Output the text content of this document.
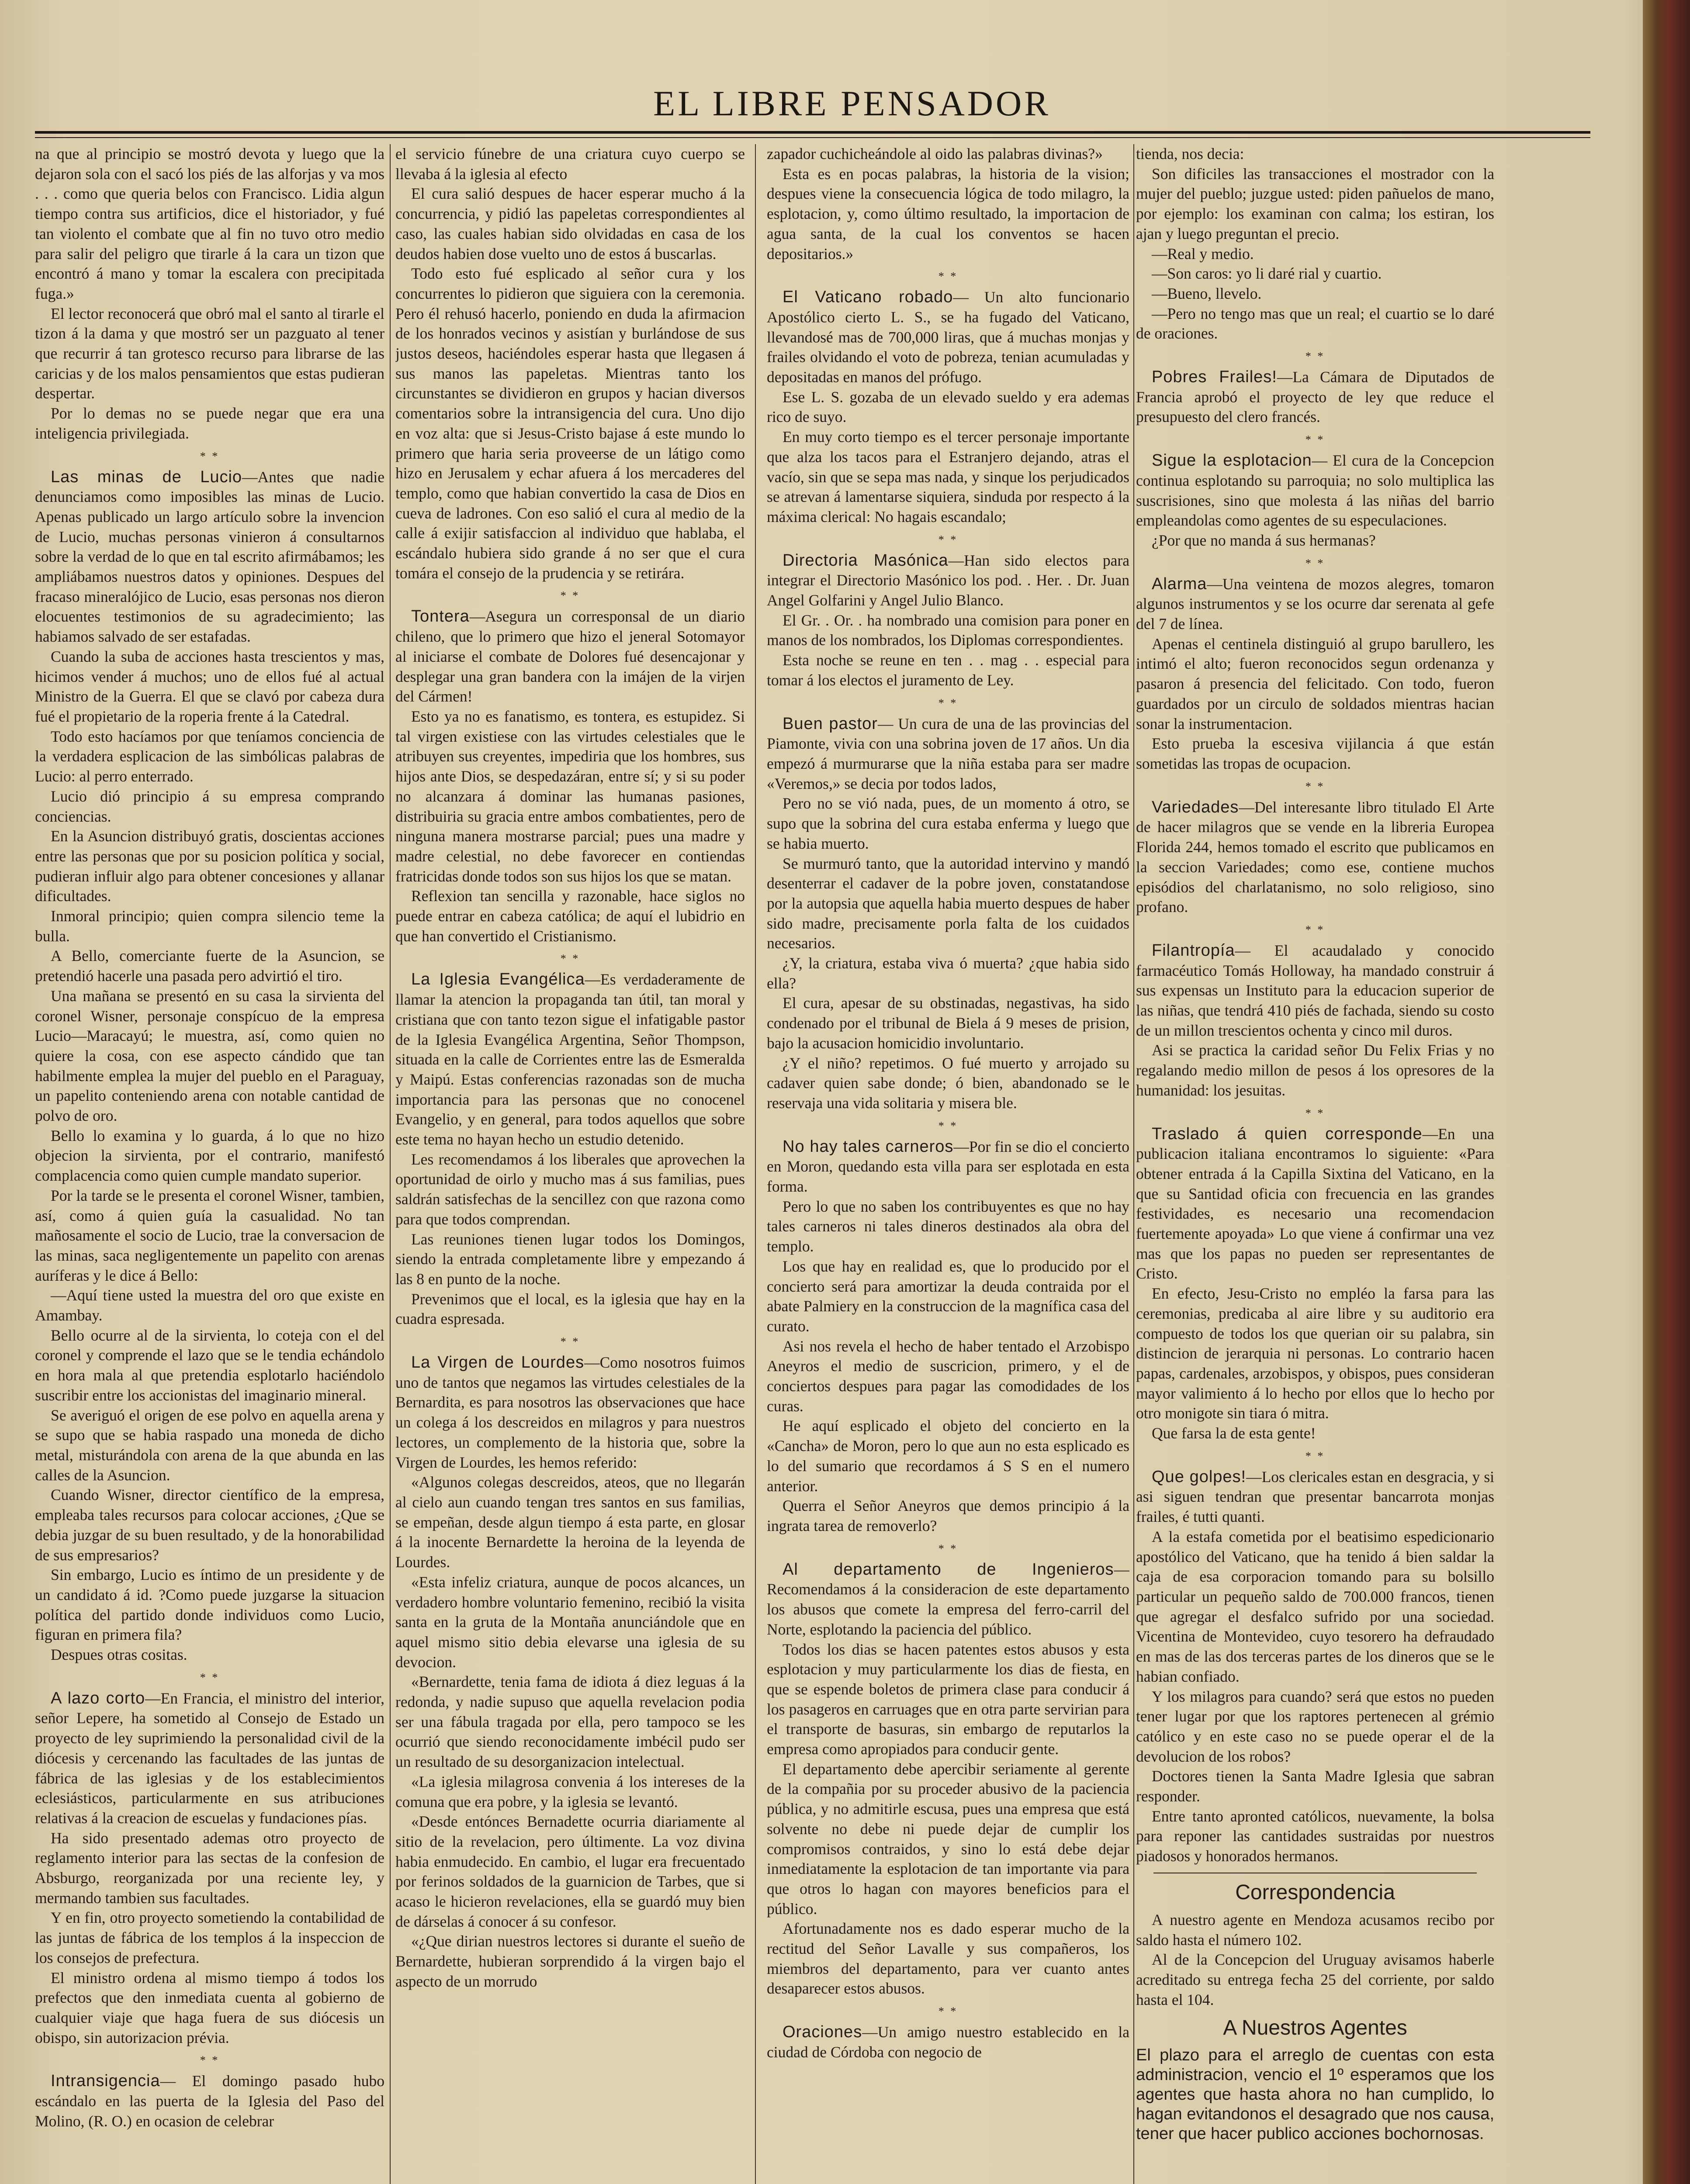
EL LIBRE PENSADOR

na que al principio se mostró devota y luego que la dejaron sola con el sacó los piés de las alforjas y va mos . . . como que queria belos con Francisco. Lidia algun tiempo contra sus artificios, dice el historiador, y fué tan violento el combate que al fin no tuvo otro medio para salir del peligro que tirarle á la cara un tizon que encontró á mano y tomar la escalera con precipitada fuga.»

El lector reconocerá que obró mal el santo al tirarle el tizon á la dama y que mostró ser un pazguato al tener que recurrir á tan grotesco recurso para librarse de las caricias y de los malos pensamientos que estas pudieran despertar.

Por lo demas no se puede negar que era una inteligencia privilegiada.

* *

Las minas de Lucio—Antes que nadie denunciamos como imposibles las minas de Lucio. Apenas publicado un largo artículo sobre la invencion de Lucio, muchas personas vinieron á consultarnos sobre la verdad de lo que en tal escrito afirmábamos; les ampliábamos nuestros datos y opiniones. Despues del fracaso mineralójico de Lucio, esas personas nos dieron elocuentes testimonios de su agradecimiento; las habiamos salvado de ser estafadas.

Cuando la suba de acciones hasta trescientos y mas, hicimos vender á muchos; uno de ellos fué al actual Ministro de la Guerra. El que se clavó por cabeza dura fué el propietario de la roperia frente á la Catedral.

Todo esto hacíamos por que teníamos conciencia de la verdadera esplicacion de las simbólicas palabras de Lucio: al perro enterrado.

Lucio dió principio á su empresa comprando conciencias.

En la Asuncion distribuyó gratis, doscientas acciones entre las personas que por su posicion política y social, pudieran influir algo para obtener concesiones y allanar dificultades.

Inmoral principio; quien compra silencio teme la bulla.

A Bello, comerciante fuerte de la Asuncion, se pretendió hacerle una pasada pero advirtió el tiro.

Una mañana se presentó en su casa la sirvienta del coronel Wisner, personaje conspícuo de la empresa Lucio—Maracayú; le muestra, así, como quien no quiere la cosa, con ese aspecto cándido que tan habilmente emplea la mujer del pueblo en el Paraguay, un papelito conteniendo arena con notable cantidad de polvo de oro.

Bello lo examina y lo guarda, á lo que no hizo objecion la sirvienta, por el contrario, manifestó complacencia como quien cumple mandato superior.

Por la tarde se le presenta el coronel Wisner, tambien, así, como á quien guía la casualidad. No tan mañosamente el socio de Lucio, trae la conversacion de las minas, saca negligentemente un papelito con arenas auríferas y le dice á Bello:

—Aquí tiene usted la muestra del oro que existe en Amambay.

Bello ocurre al de la sirvienta, lo coteja con el del coronel y comprende el lazo que se le tendia echándolo en hora mala al que pretendia esplotarlo haciéndolo suscribir entre los accionistas del imaginario mineral.

Se averiguó el origen de ese polvo en aquella arena y se supo que se habia raspado una moneda de dicho metal, misturándola con arena de la que abunda en las calles de la Asuncion.

Cuando Wisner, director científico de la empresa, empleaba tales recursos para colocar acciones, ¿Que se debia juzgar de su buen resultado, y de la honorabilidad de sus empresarios?

Sin embargo, Lucio es íntimo de un presidente y de un candidato á id. ?Como puede juzgarse la situacion política del partido donde individuos como Lucio, figuran en primera fila?

Despues otras cositas.

* *

A lazo corto—En Francia, el ministro del interior, señor Lepere, ha sometido al Consejo de Estado un proyecto de ley suprimiendo la personalidad civil de la diócesis y cercenando las facultades de las juntas de fábrica de las iglesias y de los establecimientos eclesiásticos, particularmente en sus atribuciones relativas á la creacion de escuelas y fundaciones pías.

Ha sido presentado ademas otro proyecto de reglamento interior para las sectas de la confesion de Absburgo, reorganizada por una reciente ley, y mermando tambien sus facultades.

Y en fin, otro proyecto sometiendo la contabilidad de las juntas de fábrica de los templos á la inspeccion de los consejos de prefectura.

El ministro ordena al mismo tiempo á todos los prefectos que den inmediata cuenta al gobierno de cualquier viaje que haga fuera de sus diócesis un obispo, sin autorizacion prévia.

* *

Intransigencia— El domingo pasado hubo escándalo en las puerta de la Iglesia del Paso del Molino, (R. O.) en ocasion de celebrar

el servicio fúnebre de una criatura cuyo cuerpo se llevaba á la iglesia al efecto

El cura salió despues de hacer esperar mucho á la concurrencia, y pidió las papeletas correspondientes al caso, las cuales habian sido olvidadas en casa de los deudos habien dose vuelto uno de estos á buscarlas.

Todo esto fué esplicado al señor cura y los concurrentes lo pidieron que siguiera con la ceremonia. Pero él rehusó hacerlo, poniendo en duda la afirmacion de los honrados vecinos y asistían y burlándose de sus justos deseos, haciéndoles esperar hasta que llegasen á sus manos las papeletas. Mientras tanto los circunstantes se dividieron en grupos y hacian diversos comentarios sobre la intransigencia del cura. Uno dijo en voz alta: que si Jesus-Cristo bajase á este mundo lo primero que haria seria proveerse de un látigo como hizo en Jerusalem y echar afuera á los mercaderes del templo, como que habian convertido la casa de Dios en cueva de ladrones. Con eso salió el cura al medio de la calle á exijir satisfaccion al individuo que hablaba, el escándalo hubiera sido grande á no ser que el cura tomára el consejo de la prudencia y se retirára.

* *

Tontera—Asegura un corresponsal de un diario chileno, que lo primero que hizo el jeneral Sotomayor al iniciarse el combate de Dolores fué desencajonar y desplegar una gran bandera con la imájen de la virjen del Cármen!

Esto ya no es fanatismo, es tontera, es estupidez. Si tal virgen existiese con las virtudes celestiales que le atribuyen sus creyentes, impediria que los hombres, sus hijos ante Dios, se despedazáran, entre sí; y si su poder no alcanzara á dominar las humanas pasiones, distribuiria su gracia entre ambos combatientes, pero de ninguna manera mostrarse parcial; pues una madre y madre celestial, no debe favorecer en contiendas fratricidas donde todos son sus hijos los que se matan.

Reflexion tan sencilla y razonable, hace siglos no puede entrar en cabeza católica; de aquí el lubidrio en que han convertido el Cristianismo.

* *

La Iglesia Evangélica—Es verdaderamente de llamar la atencion la propaganda tan útil, tan moral y cristiana que con tanto tezon sigue el infatigable pastor de la Iglesia Evangélica Argentina, Señor Thompson, situada en la calle de Corrientes entre las de Esmeralda y Maipú. Estas conferencias razonadas son de mucha importancia para las personas que no conocenel Evangelio, y en general, para todos aquellos que sobre este tema no hayan hecho un estudio detenido.

Les recomendamos á los liberales que aprovechen la oportunidad de oirlo y mucho mas á sus familias, pues saldrán satisfechas de la sencillez con que razona como para que todos comprendan.

Las reuniones tienen lugar todos los Domingos, siendo la entrada completamente libre y empezando á las 8 en punto de la noche.

Prevenimos que el local, es la iglesia que hay en la cuadra espresada.

* *

La Virgen de Lourdes—Como nosotros fuimos uno de tantos que negamos las virtudes celestiales de la Bernardita, es para nosotros las observaciones que hace un colega á los descreidos en milagros y para nuestros lectores, un complemento de la historia que, sobre la Virgen de Lourdes, les hemos referido:

«Algunos colegas descreidos, ateos, que no llegarán al cielo aun cuando tengan tres santos en sus familias, se empeñan, desde algun tiempo á esta parte, en glosar á la inocente Bernardette la heroina de la leyenda de Lourdes.

«Esta infeliz criatura, aunque de pocos alcances, un verdadero hombre voluntario femenino, recibió la visita santa en la gruta de la Montaña anunciándole que en aquel mismo sitio debia elevarse una iglesia de su devocion.

«Bernardette, tenia fama de idiota á diez leguas á la redonda, y nadie supuso que aquella revelacion podia ser una fábula tragada por ella, pero tampoco se les ocurrió que siendo reconocidamente imbécil pudo ser un resultado de su desorganizacion intelectual.

«La iglesia milagrosa convenia á los intereses de la comuna que era pobre, y la iglesia se levantó.

«Desde entónces Bernadette ocurria diariamente al sitio de la revelacion, pero últimente. La voz divina habia enmudecido. En cambio, el lugar era frecuentado por ferinos soldados de la guarnicion de Tarbes, que si acaso le hicieron revelaciones, ella se guardó muy bien de dárselas á conocer á su confesor.

«¿Que dirian nuestros lectores si durante el sueño de Bernardette, hubieran sorprendido á la virgen bajo el aspecto de un morrudo

zapador cuchicheándole al oido las palabras divinas?»

Esta es en pocas palabras, la historia de la vision; despues viene la consecuencia lógica de todo milagro, la esplotacion, y, como último resultado, la importacion de agua santa, de la cual los conventos se hacen depositarios.»

* *

El Vaticano robado— Un alto funcionario Apostólico cierto L. S., se ha fugado del Vaticano, llevandosé mas de 700,000 liras, que á muchas monjas y frailes olvidando el voto de pobreza, tenian acumuladas y depositadas en manos del prófugo.

Ese L. S. gozaba de un elevado sueldo y era ademas rico de suyo.

En muy corto tiempo es el tercer personaje importante que alza los tacos para el Estranjero dejando, atras el vacío, sin que se sepa mas nada, y sinque los perjudicados se atrevan á lamentarse siquiera, sinduda por respecto á la máxima clerical: No hagais escandalo;

* *

Directoria Masónica—Han sido electos para integrar el Directorio Masónico los pod. . Her. . Dr. Juan Angel Golfarini y Angel Julio Blanco.

El Gr. . Or. . ha nombrado una comision para poner en manos de los nombrados, los Diplomas correspondientes.

Esta noche se reune en ten . . mag . . especial para tomar á los electos el juramento de Ley.

* *

Buen pastor— Un cura de una de las provincias del Piamonte, vivia con una sobrina joven de 17 años. Un dia empezó á murmurarse que la niña estaba para ser madre «Veremos,» se decia por todos lados,

Pero no se vió nada, pues, de un momento á otro, se supo que la sobrina del cura estaba enferma y luego que se habia muerto.

Se murmuró tanto, que la autoridad intervino y mandó desenterrar el cadaver de la pobre joven, constatandose por la autopsia que aquella habia muerto despues de haber sido madre, precisamente porla falta de los cuidados necesarios.

¿Y, la criatura, estaba viva ó muerta? ¿que habia sido ella?

El cura, apesar de su obstinadas, negastivas, ha sido condenado por el tribunal de Biela á 9 meses de prision, bajo la acusacion homicidio involuntario.

¿Y el niño? repetimos. O fué muerto y arrojado su cadaver quien sabe donde; ó bien, abandonado se le reservaja una vida solitaria y misera ble.

* *

No hay tales carneros—Por fin se dio el concierto en Moron, quedando esta villa para ser esplotada en esta forma.

Pero lo que no saben los contribuyentes es que no hay tales carneros ni tales dineros destinados ala obra del templo.

Los que hay en realidad es, que lo producido por el concierto será para amortizar la deuda contraida por el abate Palmiery en la construccion de la magnífica casa del curato.

Asi nos revela el hecho de haber tentado el Arzobispo Aneyros el medio de suscricion, primero, y el de conciertos despues para pagar las comodidades de los curas.

He aquí esplicado el objeto del concierto en la «Cancha» de Moron, pero lo que aun no esta esplicado es lo del sumario que recordamos á S S en el numero anterior.

Querra el Señor Aneyros que demos principio á la ingrata tarea de removerlo?

* *

Al departamento de Ingenieros—Recomendamos á la consideracion de este departamento los abusos que comete la empresa del ferro-carril del Norte, esplotando la paciencia del público.

Todos los dias se hacen patentes estos abusos y esta esplotacion y muy particularmente los dias de fiesta, en que se espende boletos de primera clase para conducir á los pasageros en carruages que en otra parte servirian para el transporte de basuras, sin embargo de reputarlos la empresa como apropiados para conducir gente.

El departamento debe apercibir seriamente al gerente de la compañia por su proceder abusivo de la paciencia pública, y no admitirle escusa, pues una empresa que está solvente no debe ni puede dejar de cumplir los compromisos contraidos, y sino lo está debe dejar inmediatamente la esplotacion de tan importante via para que otros lo hagan con mayores beneficios para el público.

Afortunadamente nos es dado esperar mucho de la rectitud del Señor Lavalle y sus compañeros, los miembros del departamento, para ver cuanto antes desaparecer estos abusos.

* *

Oraciones—Un amigo nuestro establecido en la ciudad de Córdoba con negocio de

tienda, nos decia:

Son dificiles las transacciones el mostrador con la mujer del pueblo; juzgue usted: piden pañuelos de mano, por ejemplo: los examinan con calma; los estiran, los ajan y luego preguntan el precio.

—Real y medio.

—Son caros: yo li daré rial y cuartio.

—Bueno, llevelo.

—Pero no tengo mas que un real; el cuartio se lo daré de oraciones.

* *

Pobres Frailes!—La Cámara de Diputados de Francia aprobó el proyecto de ley que reduce el presupuesto del clero francés.

* *

Sigue la esplotacion— El cura de la Concepcion continua esplotando su parroquia; no solo multiplica las suscrisiones, sino que molesta á las niñas del barrio empleandolas como agentes de su especulaciones.

¿Por que no manda á sus hermanas?

* *

Alarma—Una veintena de mozos alegres, tomaron algunos instrumentos y se los ocurre dar serenata al gefe del 7 de línea.

Apenas el centinela distinguió al grupo barullero, les intimó el alto; fueron reconocidos segun ordenanza y pasaron á presencia del felicitado. Con todo, fueron guardados por un circulo de soldados mientras hacian sonar la instrumentacion.

Esto prueba la escesiva vijilancia á que están sometidas las tropas de ocupacion.

* *

Variedades—Del interesante libro titulado El Arte de hacer milagros que se vende en la libreria Europea Florida 244, hemos tomado el escrito que publicamos en la seccion Variedades; como ese, contiene muchos episódios del charlatanismo, no solo religioso, sino profano.

* *

Filantropía— El acaudalado y conocido farmacéutico Tomás Holloway, ha mandado construir á sus expensas un Instituto para la educacion superior de las niñas, que tendrá 410 piés de fachada, siendo su costo de un millon trescientos ochenta y cinco mil duros.

Asi se practica la caridad señor Du Felix Frias y no regalando medio millon de pesos á los opresores de la humanidad: los jesuitas.

* *

Traslado á quien corresponde—En una publicacion italiana encontramos lo siguiente: «Para obtener entrada á la Capilla Sixtina del Vaticano, en la que su Santidad oficia con frecuencia en las grandes festividades, es necesario una recomendacion fuertemente apoyada» Lo que viene á confirmar una vez mas que los papas no pueden ser representantes de Cristo.

En efecto, Jesu-Cristo no empléo la farsa para las ceremonias, predicaba al aire libre y su auditorio era compuesto de todos los que querian oir su palabra, sin distincion de jerarquia ni personas. Lo contrario hacen papas, cardenales, arzobispos, y obispos, pues consideran mayor valimiento á lo hecho por ellos que lo hecho por otro monigote sin tiara ó mitra.

Que farsa la de esta gente!

* *

Que golpes!—Los clericales estan en desgracia, y si asi siguen tendran que presentar bancarrota monjas frailes, é tutti quanti.

A la estafa cometida por el beatisimo espedicionario apostólico del Vaticano, que ha tenido á bien saldar la caja de esa corporacion tomando para su bolsillo particular un pequeño saldo de 700.000 francos, tienen que agregar el desfalco sufrido por una sociedad. Vicentina de Montevideo, cuyo tesorero ha defraudado en mas de las dos terceras partes de los dineros que se le habian confiado.

Y los milagros para cuando? será que estos no pueden tener lugar por que los raptores pertenecen al grémio católico y en este caso no se puede operar el de la devolucion de los robos?

Doctores tienen la Santa Madre Iglesia que sabran responder.

Entre tanto apronted católicos, nuevamente, la bolsa para reponer las cantidades sustraidas por nuestros piadosos y honorados hermanos.

Correspondencia

A nuestro agente en Mendoza acusamos recibo por saldo hasta el número 102.

Al de la Concepcion del Uruguay avisamos haberle acreditado su entrega fecha 25 del corriente, por saldo hasta el 104.

A Nuestros Agentes
El plazo para el arreglo de cuentas con esta administracion, vencio el 1º esperamos que los agentes que hasta ahora no han cumplido, lo hagan evitandonos el desagrado que nos causa, tener que hacer publico acciones bochornosas.
